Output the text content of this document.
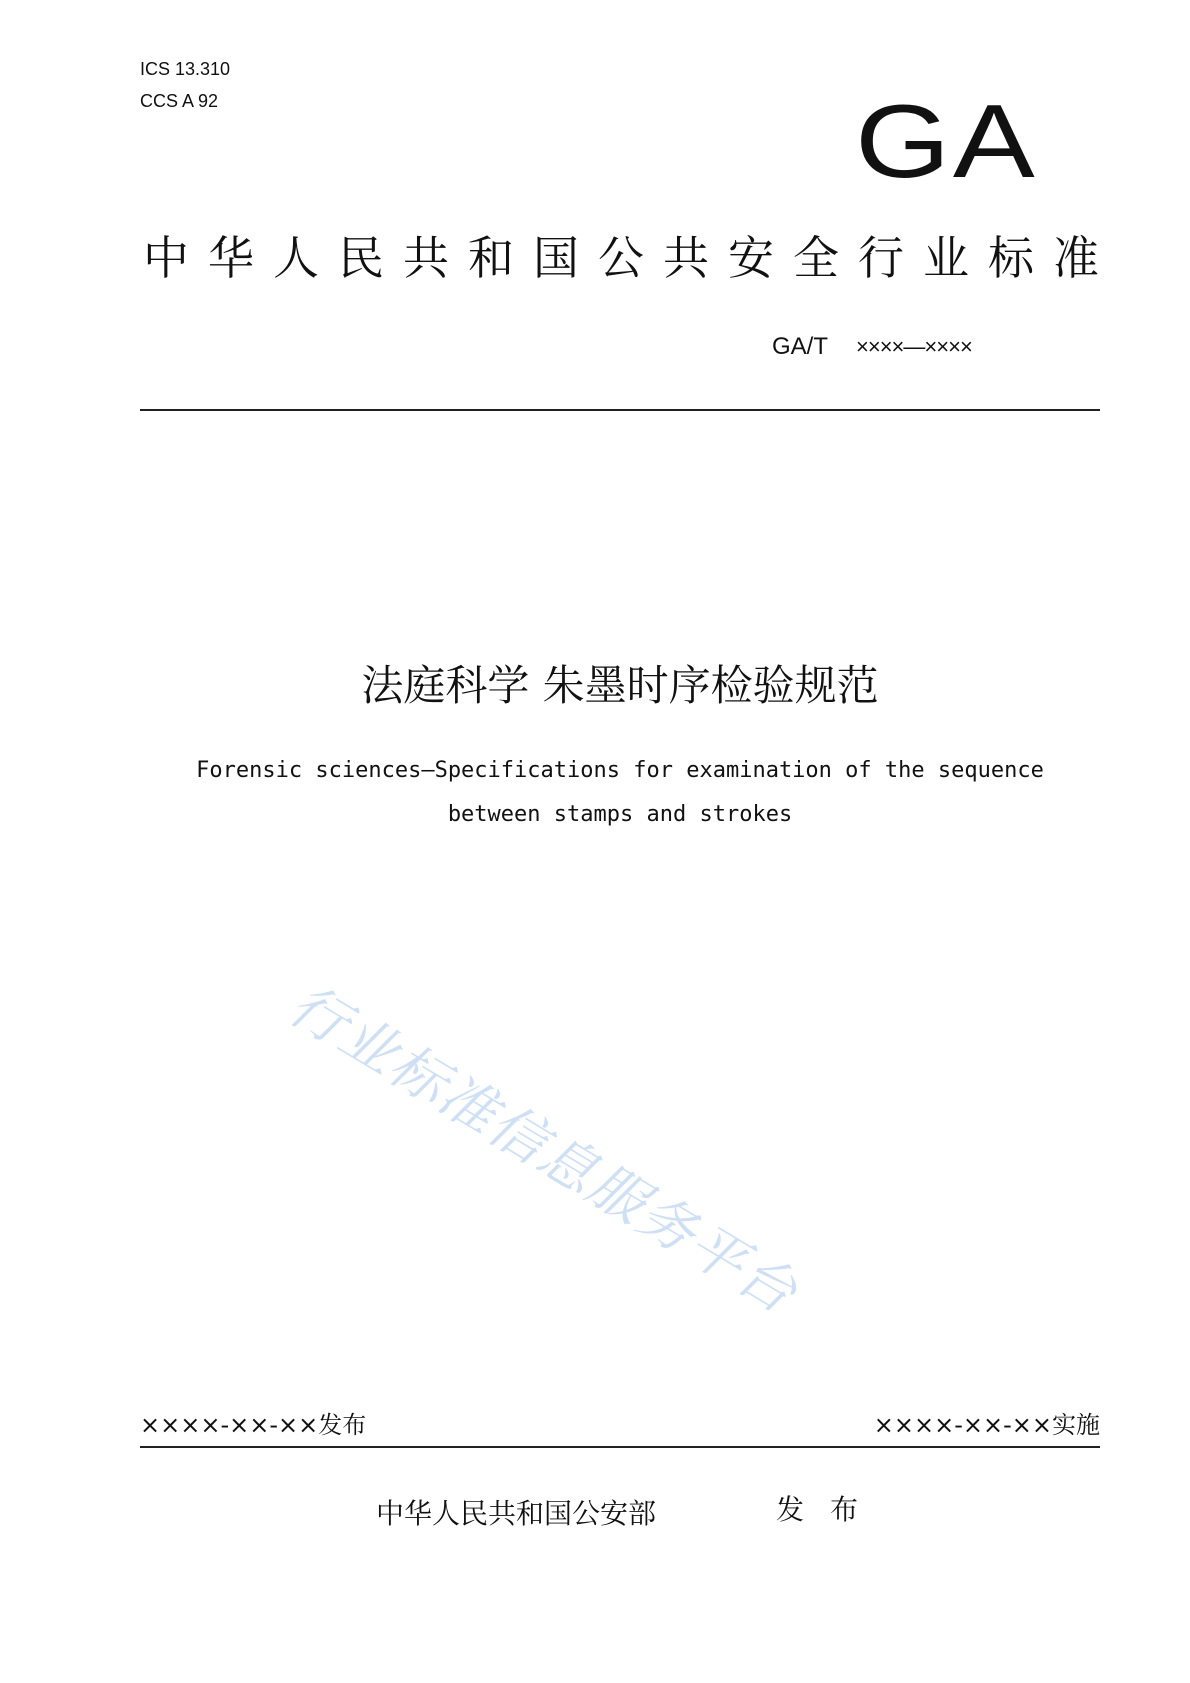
ICS 13.310
CCS A 92	GA
中华人民共和国公共安全行业标准
GA/T ××××—××××
法庭科学 朱墨时序检验规范
Forensic sciences—Specifications for examination of the sequence
between stamps and strokes
行业标准信息服务平台
××××-××-××发布	××××-××-××实施
中华人民共和国公安部	发布
